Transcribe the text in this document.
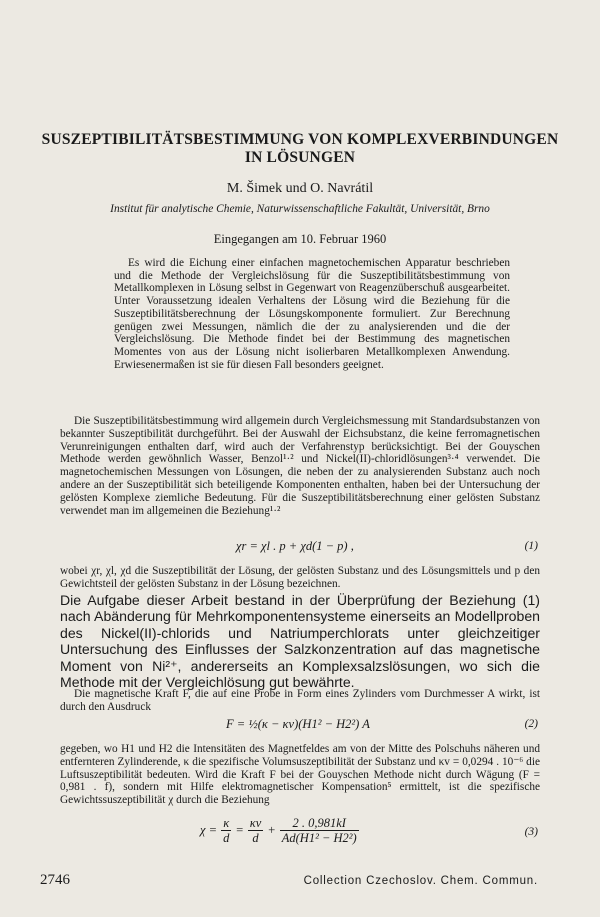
SUSZEPTIBILITÄTSBESTIMMUNG VON KOMPLEXVERBINDUNGEN
IN LÖSUNGEN
M. Šimek und O. Navrátil
Institut für analytische Chemie, Naturwissenschaftliche Fakultät, Universität, Brno
Eingegangen am 10. Februar 1960

Es wird die Eichung einer einfachen magnetochemischen Apparatur beschrieben und die Methode der Vergleichslösung für die Suszeptibilitätsbestimmung von Metallkomplexen in Lösung selbst in Gegenwart von Reagenzüberschuß ausgearbeitet. Unter Voraussetzung idealen Verhaltens der Lösung wird die Beziehung für die Suszeptibilitätsberechnung der Lösungskomponente formuliert. Zur Berechnung genügen zwei Messungen, nämlich die der zu analysierenden und die der Vergleichslösung. Die Methode findet bei der Bestimmung des magnetischen Momentes von aus der Lösung nicht isolierbaren Metallkomplexen Anwendung. Erwiesenermaßen ist sie für diesen Fall besonders geeignet.

Die Suszeptibilitätsbestimmung wird allgemein durch Vergleichsmessung mit Standardsubstanzen von bekannter Suszeptibilität durchgeführt. Bei der Auswahl der Eichsubstanz, die keine ferromagnetischen Verunreinigungen enthalten darf, wird auch der Verfahrenstyp berücksichtigt. Bei der Gouyschen Methode werden gewöhnlich Wasser, Benzol¹·² und Nickel(II)-chloridlösungen³·⁴ verwendet. Die magnetochemischen Messungen von Lösungen, die neben der zu analysierenden Substanz auch noch andere an der Suszeptibilität sich beteiligende Komponenten enthalten, haben bei der Untersuchung der gelösten Komplexe ziemliche Bedeutung. Für die Suszeptibilitätsberechnung einer gelösten Substanz verwendet man im allgemeinen die Beziehung¹·²

χr = χl . p + χd(1 − p) ,	(1)

wobei χr, χl, χd die Suszeptibilität der Lösung, der gelösten Substanz und des Lösungsmittels und p den Gewichtsteil der gelösten Substanz in der Lösung bezeichnen.

Die Aufgabe dieser Arbeit bestand in der Überprüfung der Beziehung (1) nach Abänderung für Mehrkomponentensysteme einerseits an Modellproben des Nickel(II)-chlorids und Natriumperchlorats unter gleichzeitiger Untersuchung des Einflusses der Salzkonzentration auf das magnetische Moment von Ni²⁺, andererseits an Komplexsalzslösungen, wo sich die Methode mit der Vergleichlösung gut bewährte.

Die magnetische Kraft F, die auf eine Probe in Form eines Zylinders vom Durchmesser A wirkt, ist durch den Ausdruck

F = ½(κ − κv)(H1² − H2²) A	(2)

gegeben, wo H1 und H2 die Intensitäten des Magnetfeldes am von der Mitte des Polschuhs näheren und entfernteren Zylinderende, κ die spezifische Volumsuszeptibilität der Substanz und κv = 0,0294 . 10⁻⁶ die Luftsuszeptibilität bedeuten. Wird die Kraft F bei der Gouyschen Methode nicht durch Wägung (F = 0,981 . f), sondern mit Hilfe elektromagnetischer Kompensation⁵ ermittelt, ist die spezifische Gewichtssuszeptibilität χ durch die Beziehung

$\chi = \frac{\kappa}{d} = \frac{\kappa v}{d} + \frac{2 . 0,981kI}{\text{Ad(H1² − H2²)}}$	(3)
2746	Collection Czechoslov. Chem. Commun.
